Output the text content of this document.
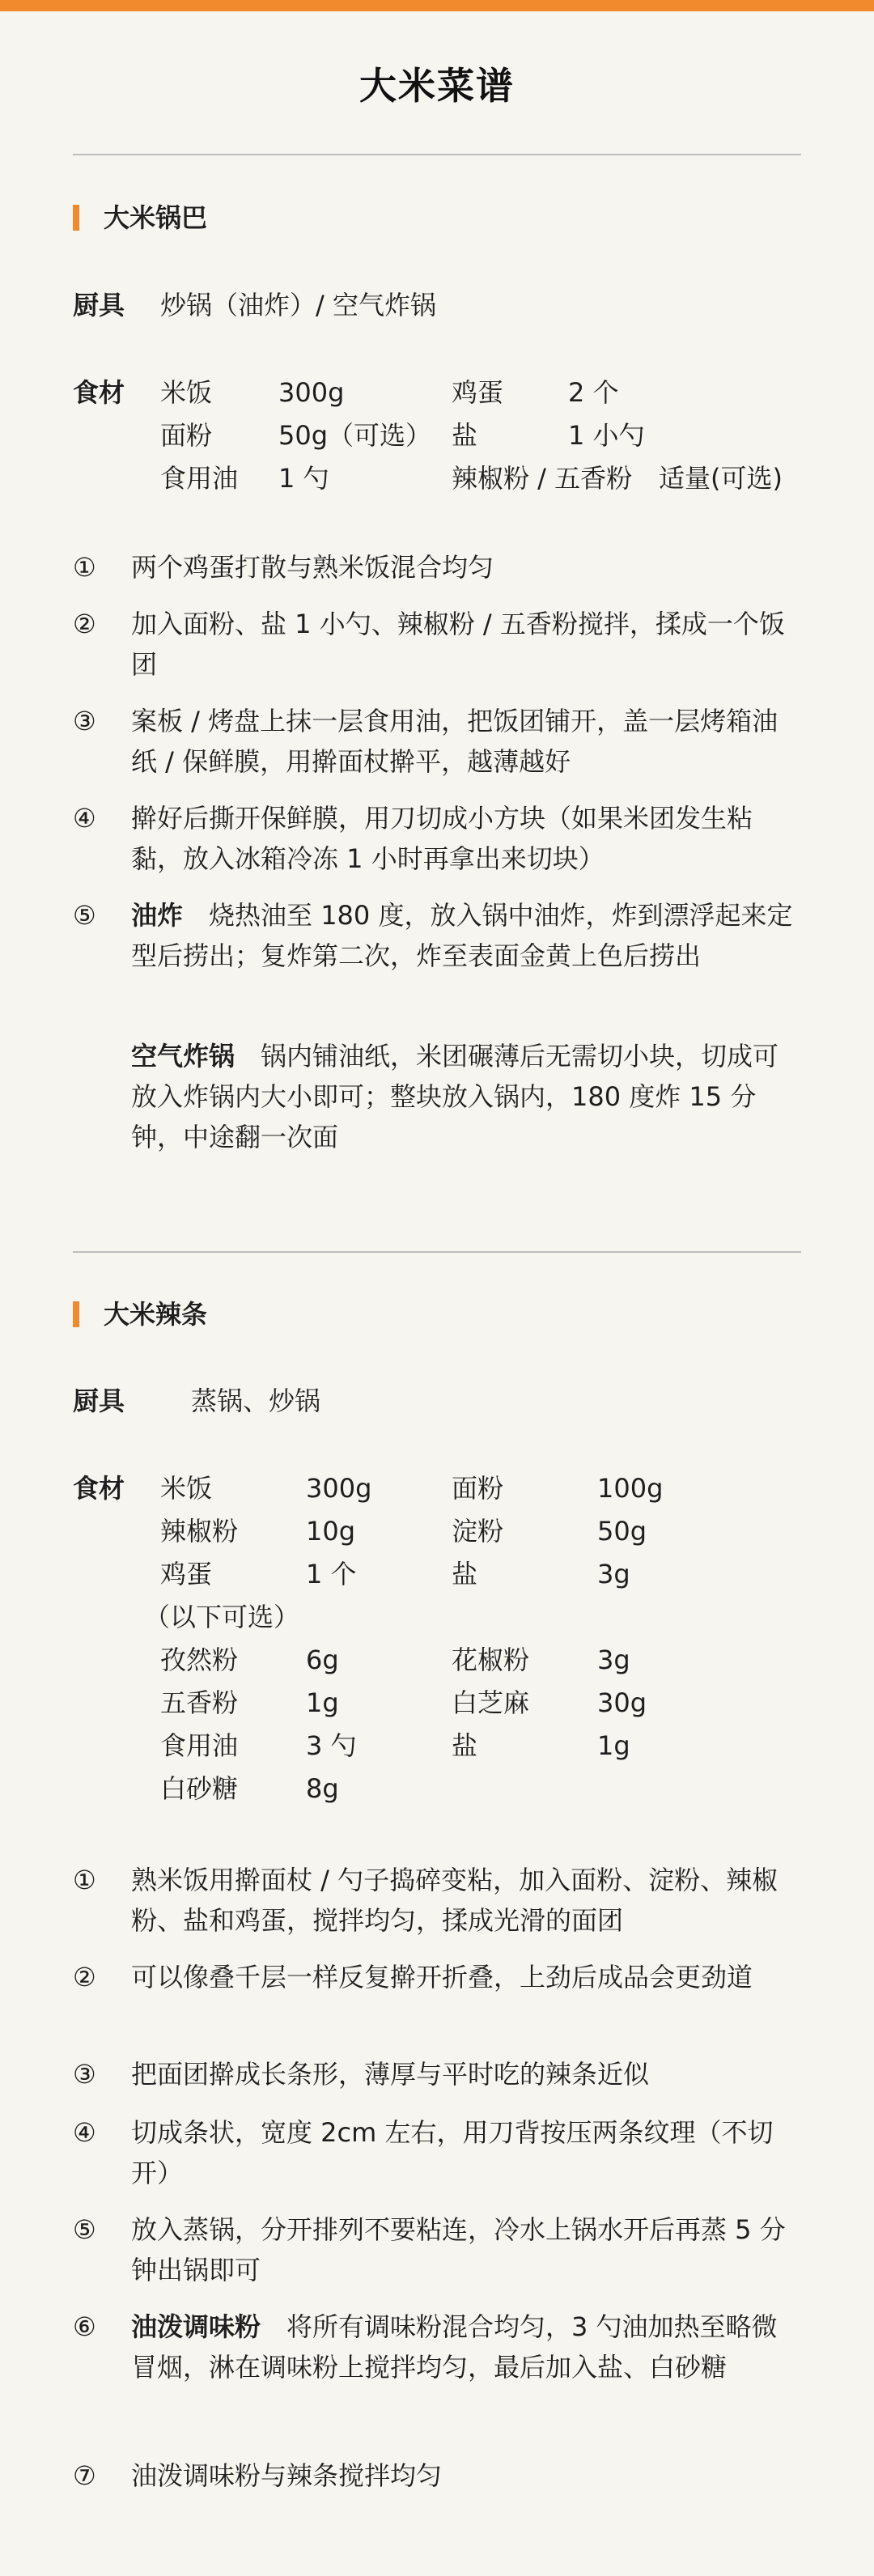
大米菜谱
大米锅巴
厨具 炒锅（油炸）/ 空气炸锅
食材 米饭	300g	鸡蛋 2 个
面粉	50g（可选） 盐	1 小勺
食用油 1 勺	辣椒粉 / 五香粉 适量(可选)
① 两个鸡蛋打散与熟米饭混合均匀
② 加入面粉、盐 1 小勺、辣椒粉 / 五香粉搅拌，揉成一个饭团
③ 案板 / 烤盘上抹一层食用油，把饭团铺开，盖一层烤箱油纸 / 保鲜膜，用擀面杖擀平，越薄越好
④ 擀好后撕开保鲜膜，用刀切成小方块（如果米团发生粘黏，放入冰箱冷冻 1 小时再拿出来切块）
⑤ 油炸  烧热油至 180 度，放入锅中油炸，炸到漂浮起来定型后捞出；复炸第二次，炸至表面金黄上色后捞出
空气炸锅  锅内铺油纸，米团碾薄后无需切小块，切成可放入炸锅内大小即可；整块放入锅内，180 度炸 15 分钟，中途翻一次面
大米辣条
厨具	蒸锅、炒锅
食材 米饭	300g	面粉	100g
辣椒粉	10g	淀粉	50g
鸡蛋	1 个	盐	3g
（以下可选）
孜然粉	6g	花椒粉	3g
五香粉	1g	白芝麻	30g
食用油	3 勺	盐	1g
白砂糖	8g
① 熟米饭用擀面杖 / 勺子捣碎变粘，加入面粉、淀粉、辣椒粉、盐和鸡蛋，搅拌均匀，揉成光滑的面团
② 可以像叠千层一样反复擀开折叠，上劲后成品会更劲道
③ 把面团擀成长条形，薄厚与平时吃的辣条近似
④ 切成条状，宽度 2cm 左右，用刀背按压两条纹理（不切开）
⑤ 放入蒸锅，分开排列不要粘连，冷水上锅水开后再蒸 5 分钟出锅即可
⑥ 油泼调味粉  将所有调味粉混合均匀，3 勺油加热至略微冒烟，淋在调味粉上搅拌均匀，最后加入盐、白砂糖
⑦ 油泼调味粉与辣条搅拌均匀
